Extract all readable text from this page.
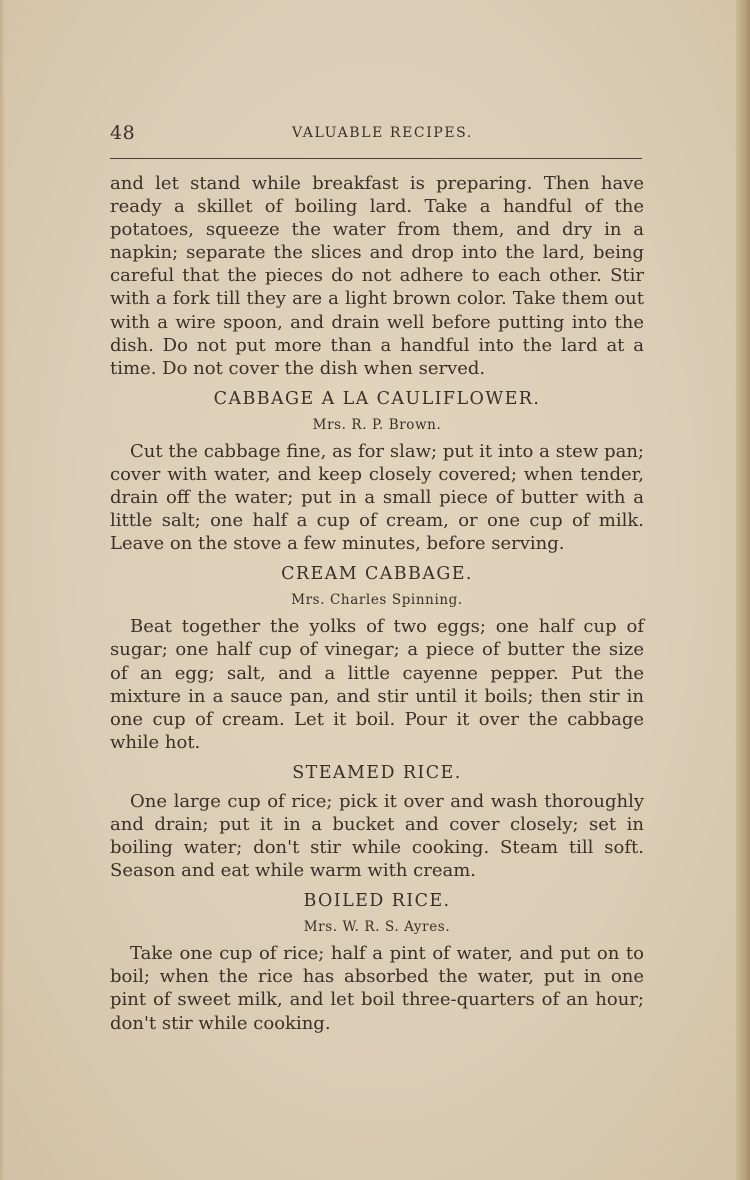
48	VALUABLE RECIPES.

and let stand while breakfast is preparing. Then have ready a skillet of boiling lard. Take a handful of the potatoes, squeeze the water from them, and dry in a napkin; separate the slices and drop into the lard, being careful that the pieces do not adhere to each other. Stir with a fork till they are a light brown color. Take them out with a wire spoon, and drain well before putting into the dish. Do not put more than a handful into the lard at a time. Do not cover the dish when served.

CABBAGE A LA CAULIFLOWER.
Mrs. R. P. Brown.

Cut the cabbage fine, as for slaw; put it into a stew pan; cover with water, and keep closely covered; when tender, drain off the water; put in a small piece of butter with a little salt; one half a cup of cream, or one cup of milk. Leave on the stove a few minutes, before serving.

CREAM CABBAGE.
Mrs. Charles Spinning.

Beat together the yolks of two eggs; one half cup of sugar; one half cup of vinegar; a piece of butter the size of an egg; salt, and a little cayenne pepper. Put the mixture in a sauce pan, and stir until it boils; then stir in one cup of cream. Let it boil. Pour it over the cabbage while hot.

STEAMED RICE.

One large cup of rice; pick it over and wash thoroughly and drain; put it in a bucket and cover closely; set in boiling water; don't stir while cooking. Steam till soft. Season and eat while warm with cream.

BOILED RICE.
Mrs. W. R. S. Ayres.

Take one cup of rice; half a pint of water, and put on to boil; when the rice has absorbed the water, put in one pint of sweet milk, and let boil three-quarters of an hour; don't stir while cooking.
